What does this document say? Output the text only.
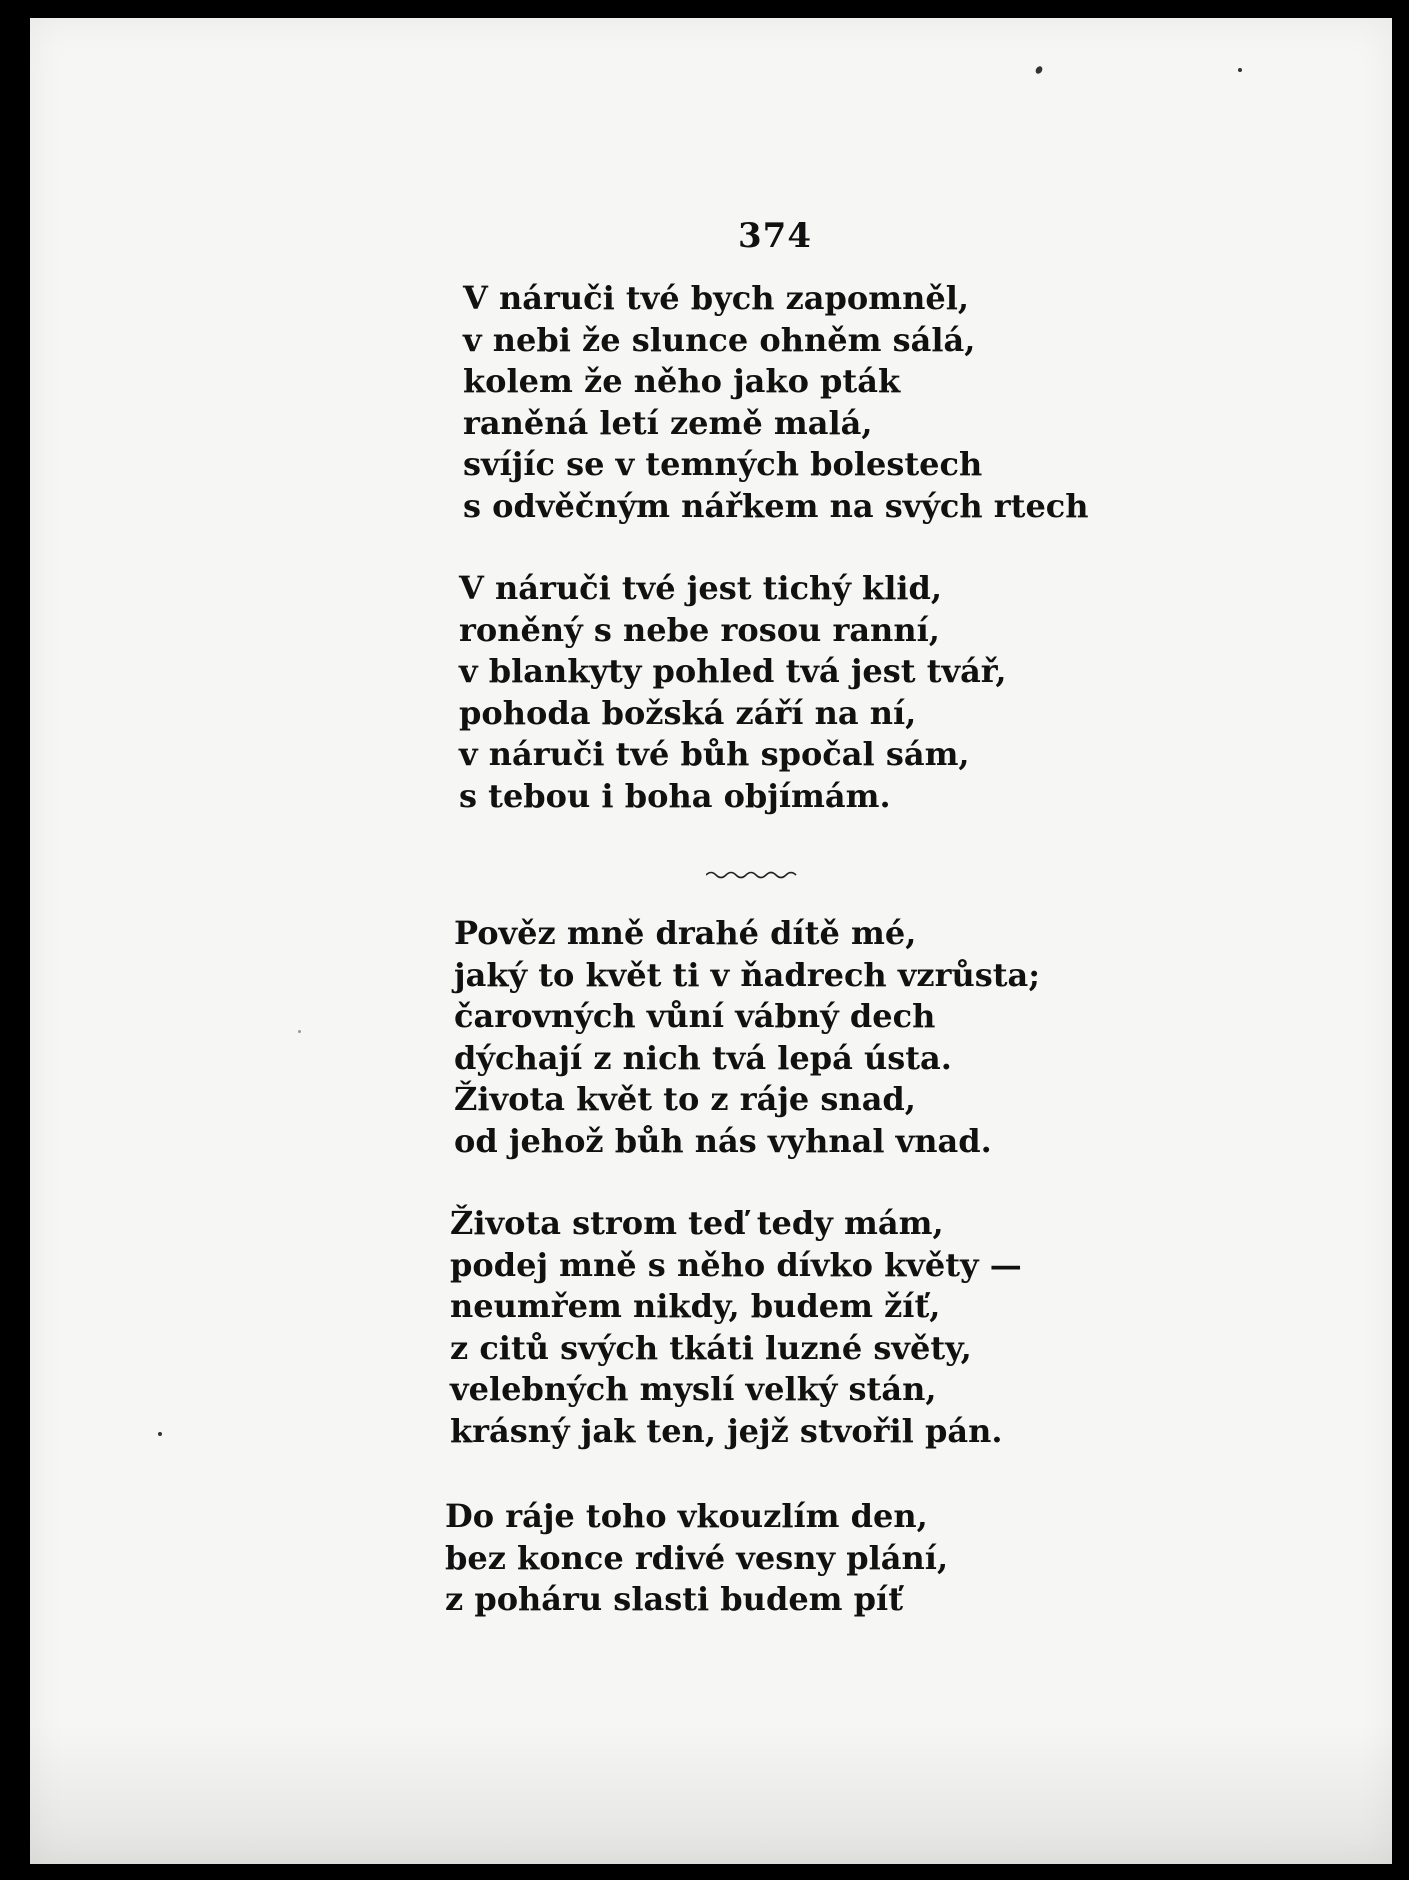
374
V náruči tvé bych zapomněl,
v nebi že slunce ohněm sálá,
kolem že něho jako pták
raněná letí země malá,
svíjíc se v temných bolestech
s odvěčným nářkem na svých rtech
V náruči tvé jest tichý klid,
roněný s nebe rosou ranní,
v blankyty pohled tvá jest tvář,
pohoda božská září na ní,
v náruči tvé bůh spočal sám,
s tebou i boha objímám.
Pověz mně drahé dítě mé,
jaký to květ ti v ňadrech vzrůsta;
čarovných vůní vábný dech
dýchají z nich tvá lepá ústa.
Života květ to z ráje snad,
od jehož bůh nás vyhnal vnad.
Života strom teď tedy mám,
podej mně s něho dívko květy —
neumřem nikdy, budem žíť,
z citů svých tkáti luzné světy,
velebných myslí velký stán,
krásný jak ten, jejž stvořil pán.
Do ráje toho vkouzlím den,
bez konce rdivé vesny plání,
z poháru slasti budem píť
